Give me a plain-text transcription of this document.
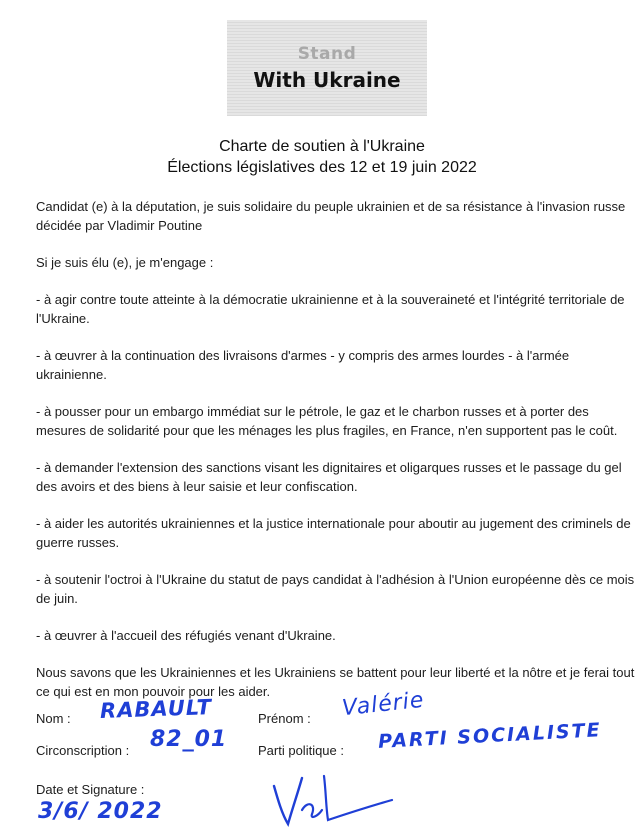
Stand
With Ukraine
Charte de soutien à l'Ukraine
Élections législatives des 12 et 19 juin 2022

Candidat (e) à la députation, je suis solidaire du peuple ukrainien et de sa résistance à l'invasion russe décidée par Vladimir Poutine

Si je suis élu (e), je m'engage :

- à agir contre toute atteinte à la démocratie ukrainienne et à la souveraineté et l'intégrité territoriale de l'Ukraine.

- à œuvrer à la continuation des livraisons d'armes - y compris des armes lourdes - à l'armée ukrainienne.

- à pousser pour un embargo immédiat sur le pétrole, le gaz et le charbon russes et à porter des mesures de solidarité pour que les ménages les plus fragiles, en France, n'en supportent pas le coût.

- à demander l'extension des sanctions visant les dignitaires et oligarques russes et le passage du gel des avoirs et des biens à leur saisie et leur confiscation.

- à aider les autorités ukrainiennes et la justice internationale pour aboutir au jugement des criminels de guerre russes.

- à soutenir l'octroi à l'Ukraine du statut de pays candidat à l'adhésion à l'Union européenne dès ce mois de juin.

- à œuvrer à l'accueil des réfugiés venant d'Ukraine.

Nous savons que les Ukrainiennes et les Ukrainiens se battent pour leur liberté et la nôtre et je ferai tout ce qui est en mon pouvoir pour les aider.

Nom : RABAULT	Prénom : Valérie
Circonscription : 82_01 Parti politique : PARTI SOCIALISTE
Date et Signature :
3/6/ 2022
